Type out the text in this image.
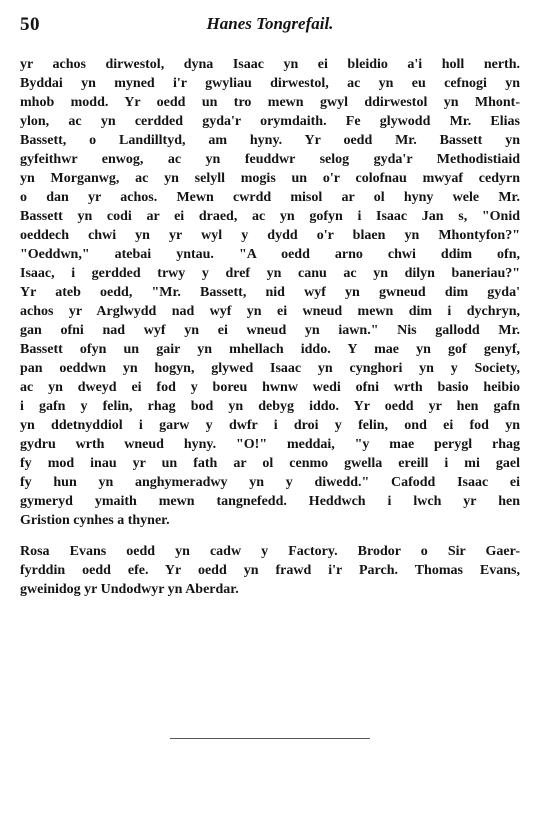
50	Hanes Tongrefail.
yr achos dirwestol, dyna Isaac yn ei bleidio a'i holl nerth.
Byddai yn myned i'r gwyliau dirwestol, ac yn eu cefnogi yn
mhob modd. Yr oedd un tro mewn gwyl ddirwestol yn Mhont-
ylon, ac yn cerdded gyda'r orymdaith. Fe glywodd Mr. Elias
Bassett, o Landilltyd, am hyny. Yr oedd Mr. Bassett yn
gyfeithwr enwog, ac yn feuddwr selog gyda'r Methodistiaid
yn Morganwg, ac yn selyll mogis un o'r colofnau mwyaf cedyrn
o dan yr achos. Mewn cwrdd misol ar ol hyny wele Mr.
Bassett yn codi ar ei draed, ac yn gofyn i Isaac Jan s, "Onid
oeddech chwi yn yr wyl y dydd o'r blaen yn Mhontyfon?"
"Oeddwn," atebai yntau. "A oedd arno chwi ddim ofn,
Isaac, i gerdded trwy y dref yn canu ac yn dilyn baneriau?"
Yr ateb oedd, "Mr. Bassett, nid wyf yn gwneud dim gyda'
achos yr Arglwydd nad wyf yn ei wneud mewn dim i dychryn,
gan ofni nad wyf yn ei wneud yn iawn." Nis gallodd Mr.
Bassett ofyn un gair yn mhellach iddo. Y mae yn gof genyf,
pan oeddwn yn hogyn, glywed Isaac yn cynghori yn y Society,
ac yn dweyd ei fod y boreu hwnw wedi ofni wrth basio heibio
i gafn y felin, rhag bod yn debyg iddo. Yr oedd yr hen gafn
yn ddetnyddiol i garw y dwfr i droi y felin, ond ei fod yn
gydru wrth wneud hyny. "O!" meddai, "y mae perygl rhag
fy mod inau yr un fath ar ol cenmo gwella ereill i mi gael
fy hun yn anghymeradwy yn y diwedd." Cafodd Isaac ei
gymeryd ymaith mewn tangnefedd. Heddwch i lwch yr hen
Gristion cynhes a thyner.
Rosa Evans oedd yn cadw y Factory. Brodor o Sir Gaer-
fyrddin oedd efe. Yr oedd yn frawd i'r Parch. Thomas Evans,
gweinidog yr Undodwyr yn Aberdar.
